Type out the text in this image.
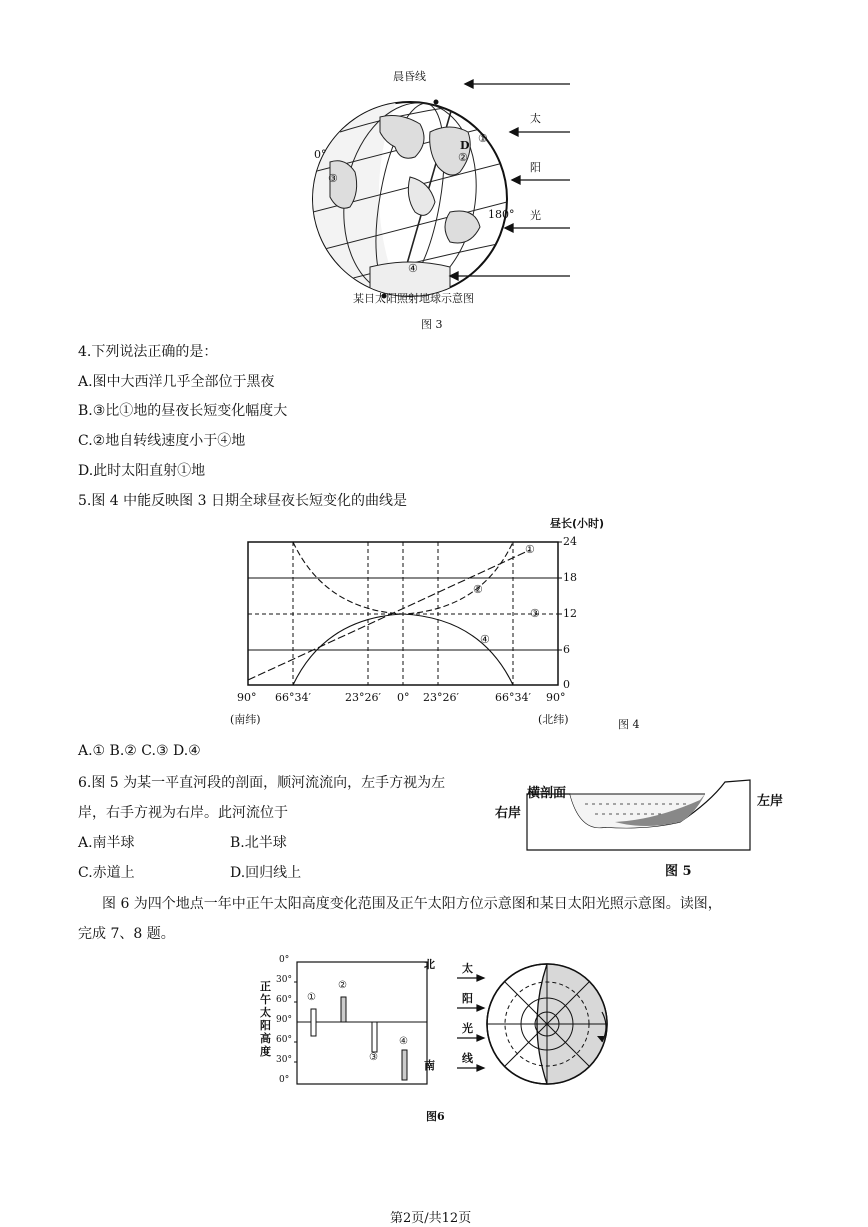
晨昏线
太
阳
光
①
D
②
③
④
0°
180°
某日太阳照射地球示意图
图 3
4.下列说法正确的是：
A.图中大西洋几乎全部位于黑夜
B.③比①地的昼夜长短变化幅度大
C.②地自转线速度小于④地
D.此时太阳直射①地
5.图 4 中能反映图 3 日期全球昼夜长短变化的曲线是
昼长(小时)
24
18
12
6
0
90° 66°34′	23°26′ 0° 23°26′	66°34′ 90°
(南纬)	(北纬)
①
②
③
④
图 4
A.① B.② C.③ D.④
6.图 5 为某一平直河段的剖面，顺河流流向，左手方视为左
岸，右手方视为右岸。此河流位于
A.南半球	B.北半球
C.赤道上	D.回归线上
横剖面
右岸
左岸
图 5
图 6 为四个地点一年中正午太阳高度变化范围及正午太阳方位示意图和某日太阳光照示意图。读图，
完成 7、8 题。
正午太阳高度
0°
30°
60°
90°
60°
30°
0°
北
南
①
②
③
④
太
阳
光
线
图6
第2页/共12页
